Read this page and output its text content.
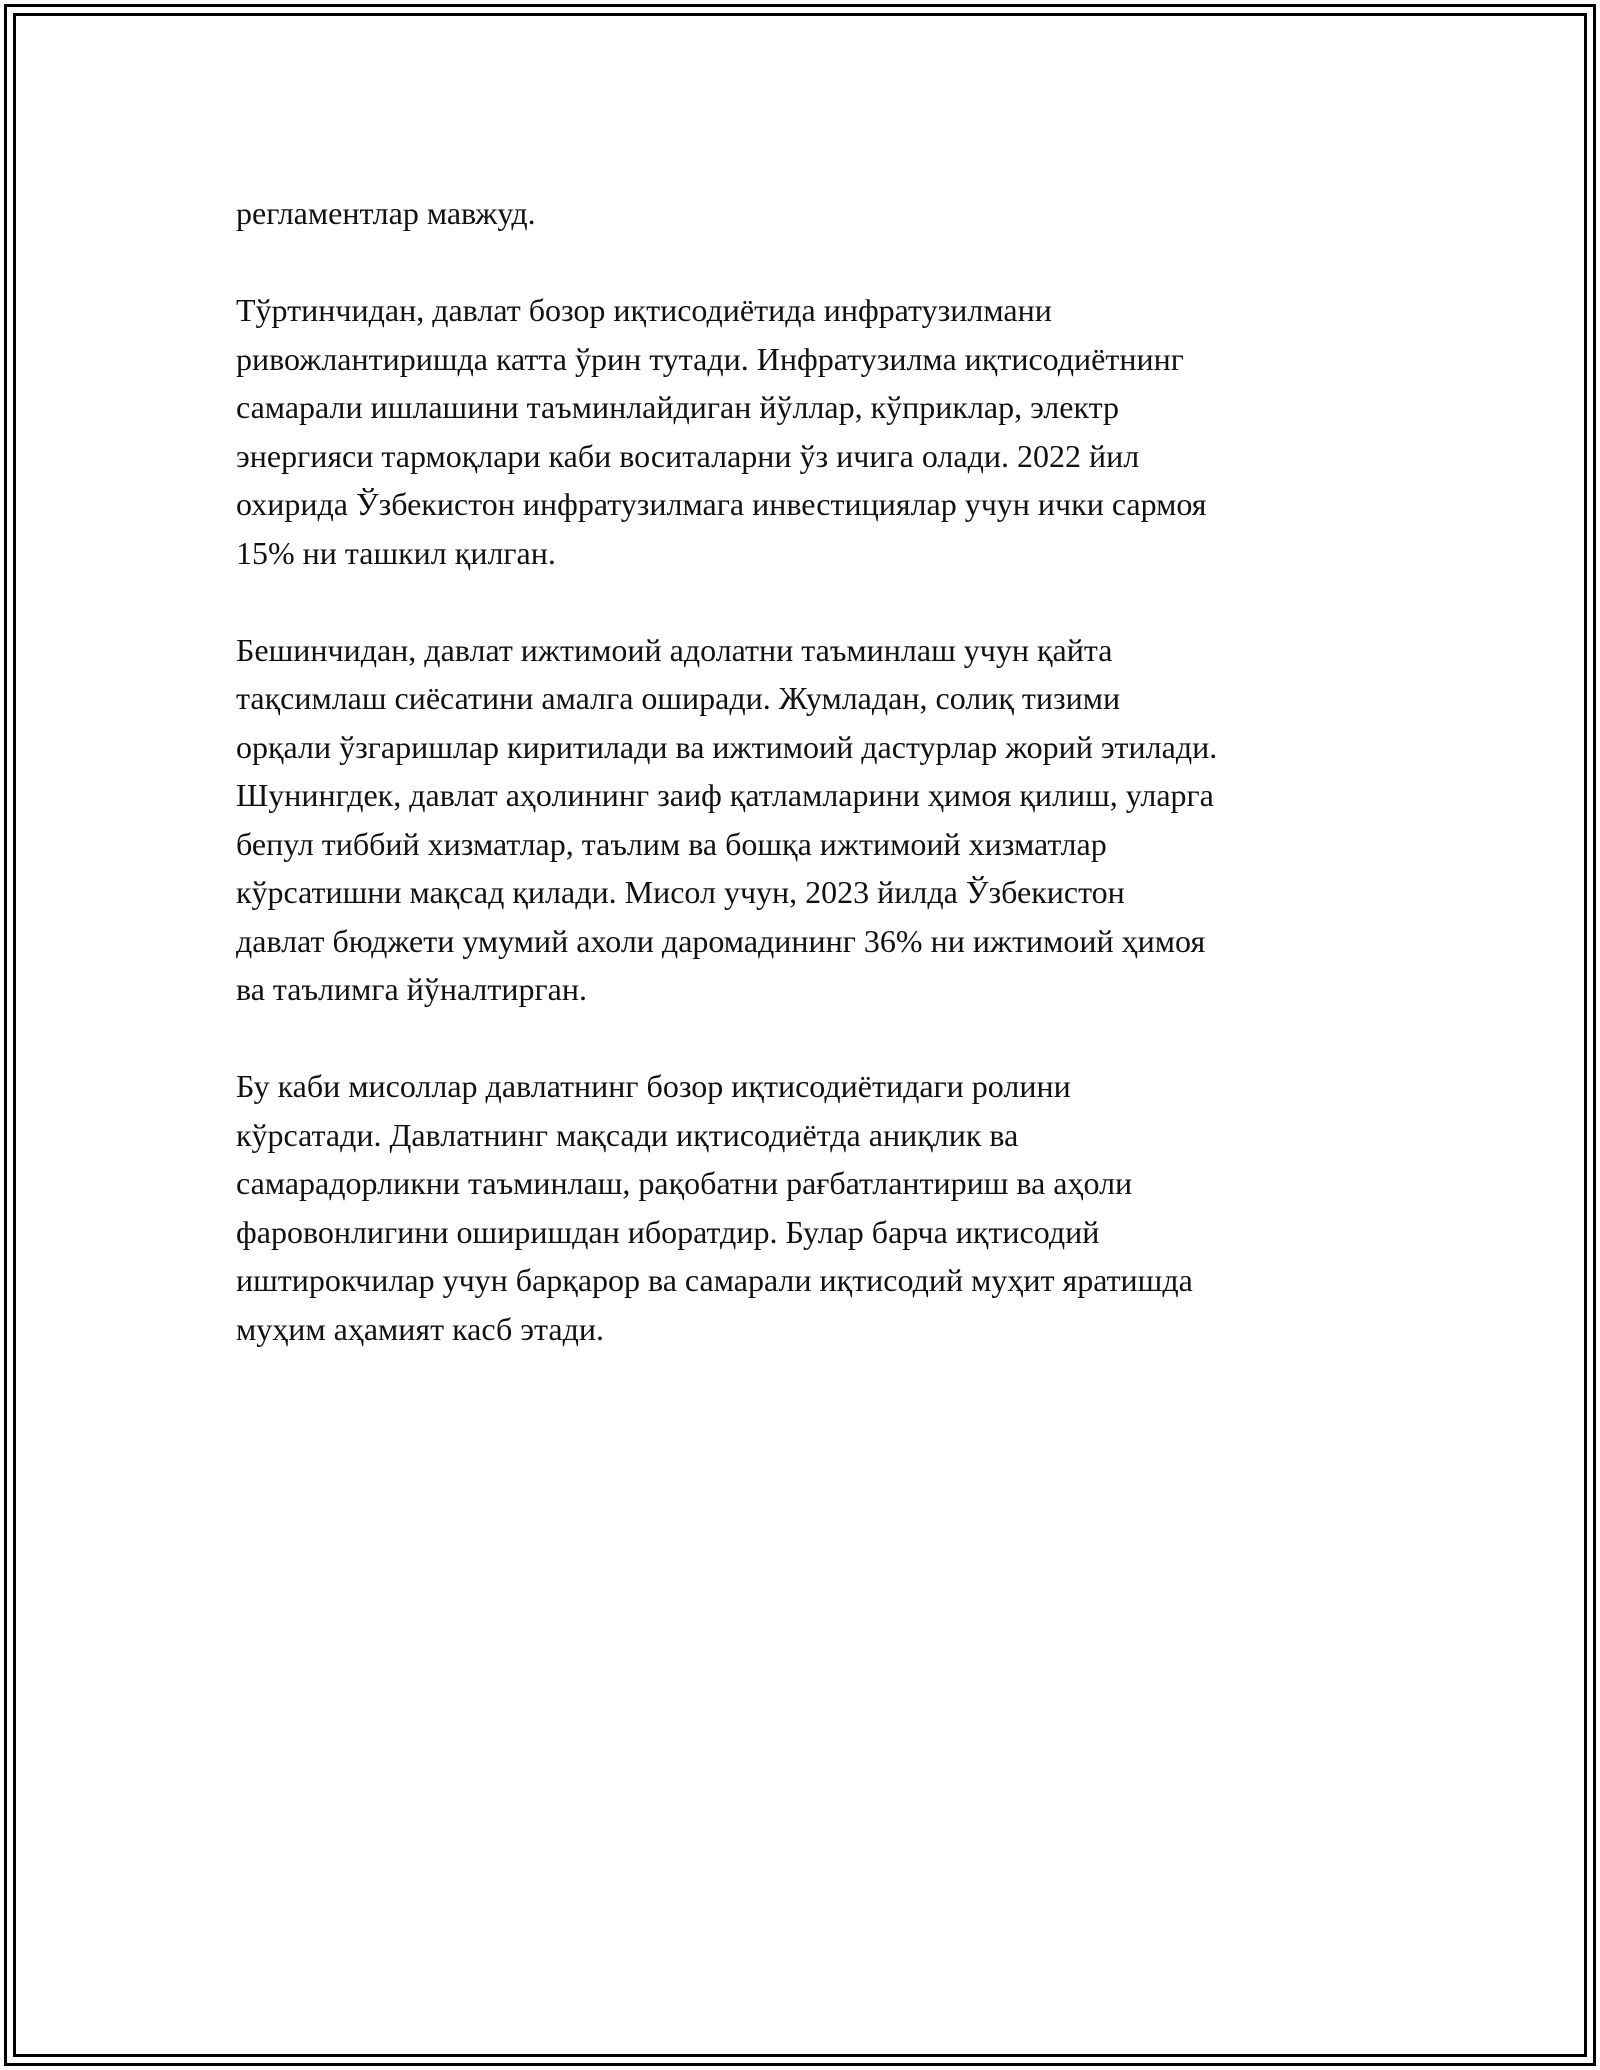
регламентлар мавжуд.

Тўртинчидан, давлат бозор иқтисодиётида инфратузилмани
ривожлантиришда катта ўрин тутади. Инфратузилма иқтисодиётнинг
самарали ишлашини таъминлайдиган йўллар, кўприклар, электр
энергияси тармоқлари каби воситаларни ўз ичига олади. 2022 йил
охирида Ўзбекистон инфратузилмага инвестициялар учун ички сармоя
15% ни ташкил қилган.

Бешинчидан, давлат ижтимоий адолатни таъминлаш учун қайта
тақсимлаш сиёсатини амалга оширади. Жумладан, солиқ тизими
орқали ўзгаришлар киритилади ва ижтимоий дастурлар жорий этилади.
Шунингдек, давлат аҳолининг заиф қатламларини ҳимоя қилиш, уларга
бепул тиббий хизматлар, таълим ва бошқа ижтимоий хизматлар
кўрсатишни мақсад қилади. Мисол учун, 2023 йилда Ўзбекистон
давлат бюджети умумий ахоли даромадининг 36% ни ижтимоий ҳимоя
ва таълимга йўналтирган.

Бу каби мисоллар давлатнинг бозор иқтисодиётидаги ролини
кўрсатади. Давлатнинг мақсади иқтисодиётда аниқлик ва
самарадорликни таъминлаш, рақобатни рағбатлантириш ва аҳоли
фаровонлигини оширишдан иборатдир. Булар барча иқтисодий
иштирокчилар учун барқарор ва самарали иқтисодий муҳит яратишда
муҳим аҳамият касб этади.
